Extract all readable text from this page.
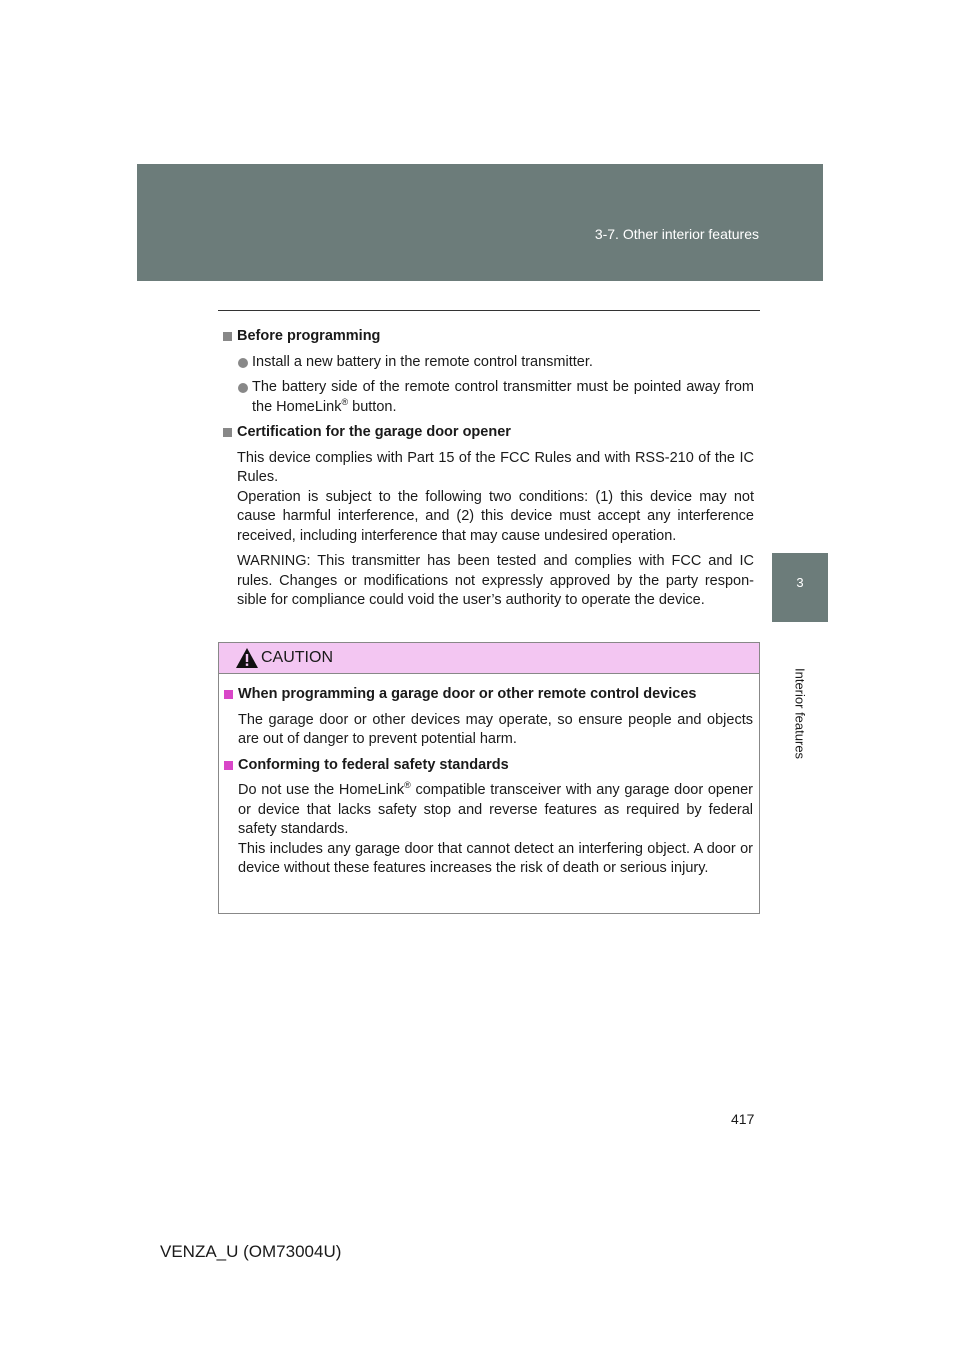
3-7. Other interior features
3
Interior features
Before programming
Install a new battery in the remote control transmitter.
The battery side of the remote control transmitter must be pointed away from the HomeLink® button.
Certification for the garage door opener
This device complies with Part 15 of the FCC Rules and with RSS-210 of the IC Rules.
Operation is subject to the following two conditions: (1) this device may not cause harmful interference, and (2) this device must accept any interference received, including interference that may cause undesired operation.
WARNING: This transmitter has been tested and complies with FCC and IC rules. Changes or modifications not expressly approved by the party respon-sible for compliance could void the user’s authority to operate the device.
CAUTION
When programming a garage door or other remote control devices
The garage door or other devices may operate, so ensure people and objects are out of danger to prevent potential harm.
Conforming to federal safety standards
Do not use the HomeLink® compatible transceiver with any garage door opener or device that lacks safety stop and reverse features as required by federal safety standards.
This includes any garage door that cannot detect an interfering object. A door or device without these features increases the risk of death or serious injury.
417
VENZA_U (OM73004U)
